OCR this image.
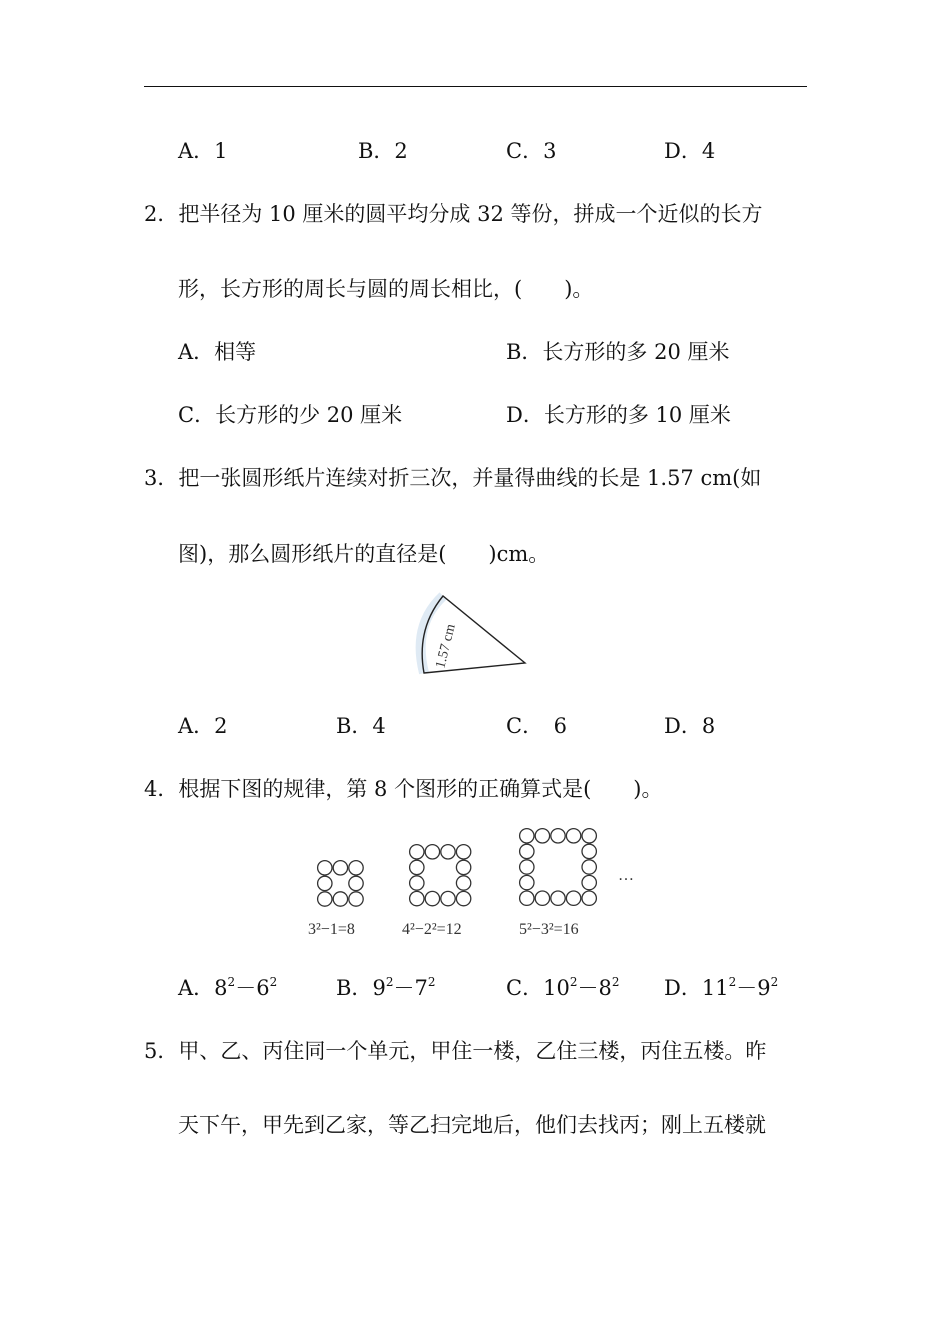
A．1	B．2	C．3	D．4
2．把半径为 10 厘米的圆平均分成 32 等份，拼成一个近似的长方
形，长方形的周长与圆的周长相比，(　　)。
A．相等	B．长方形的多 20 厘米
C．长方形的少 20 厘米	D．长方形的多 10 厘米
3．把一张圆形纸片连续对折三次，并量得曲线的长是 1.57 cm(如
图)，那么圆形纸片的直径是(　　)cm。
1.57 cm
A．2	B．4	C．　6	D．8
4．根据下图的规律，第 8 个图形的正确算式是(　　)。
3²−1=8	4²−2²=12	5²−3²=16
…
A．$8^2-6^2$	B．$9^2-7^2$	C．$10^2-8^2$ D．$11^2-9^2$
5．甲、乙、丙住同一个单元，甲住一楼，乙住三楼，丙住五楼。昨
天下午，甲先到乙家，等乙扫完地后，他们去找丙；刚上五楼就
